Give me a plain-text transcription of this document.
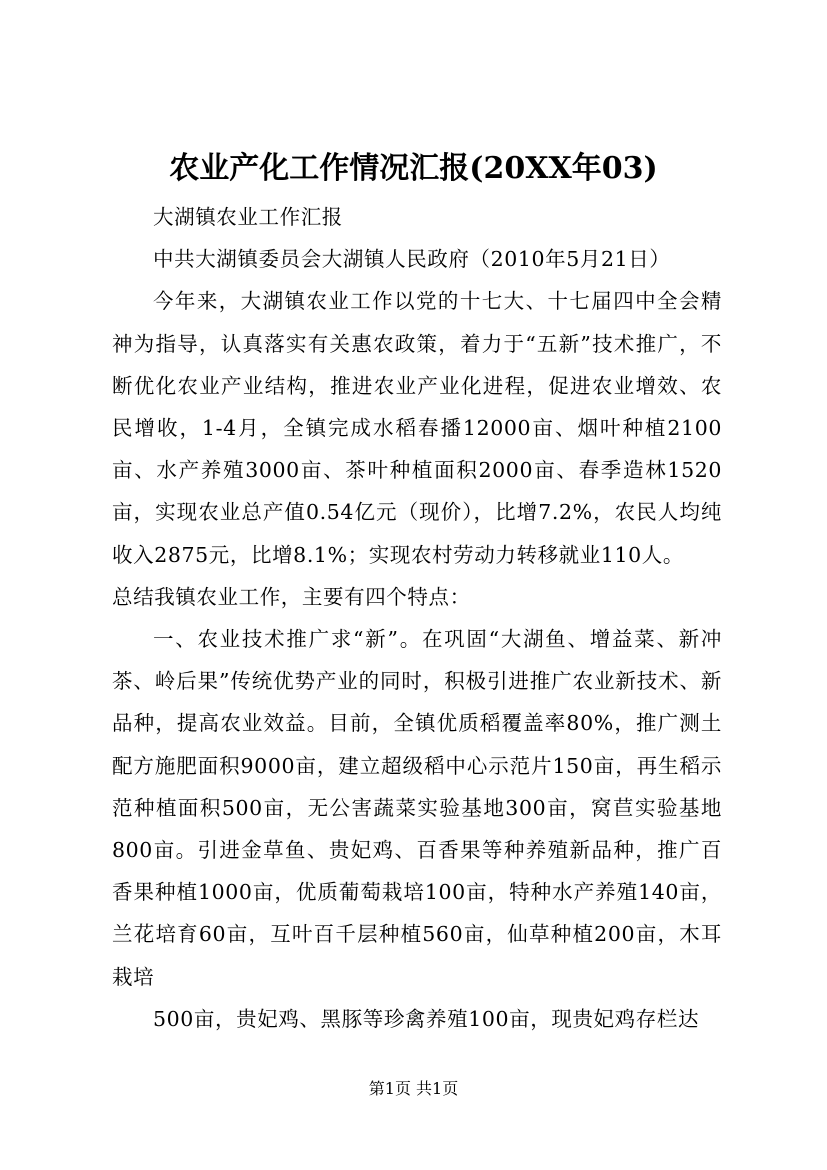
农业产化工作情况汇报(20XX年03)

大湖镇农业工作汇报

中共大湖镇委员会大湖镇人民政府（2010年5月21日）

今年来，大湖镇农业工作以党的十七大、十七届四中全会精神为指导，认真落实有关惠农政策，着力于“五新”技术推广，不断优化农业产业结构，推进农业产业化进程，促进农业增效、农民增收，1-4月，全镇完成水稻春播12000亩、烟叶种植2100亩、水产养殖3000亩、茶叶种植面积2000亩、春季造林1520亩，实现农业总产值0.54亿元（现价），比增7.2%，农民人均纯收入2875元，比增8.1%；实现农村劳动力转移就业110人。

总结我镇农业工作，主要有四个特点：

一、农业技术推广求“新”。在巩固“大湖鱼、增益菜、新冲茶、岭后果”传统优势产业的同时，积极引进推广农业新技术、新品种，提高农业效益。目前，全镇优质稻覆盖率80%，推广测土配方施肥面积9000亩，建立超级稻中心示范片150亩，再生稻示范种植面积500亩，无公害蔬菜实验基地300亩，窝苣实验基地800亩。引进金草鱼、贵妃鸡、百香果等种养殖新品种，推广百香果种植1000亩，优质葡萄栽培100亩，特种水产养殖140亩，兰花培育60亩，互叶百千层种植560亩，仙草种植200亩，木耳栽培

500亩，贵妃鸡、黑豚等珍禽养殖100亩，现贵妃鸡存栏达

第1页 共1页
